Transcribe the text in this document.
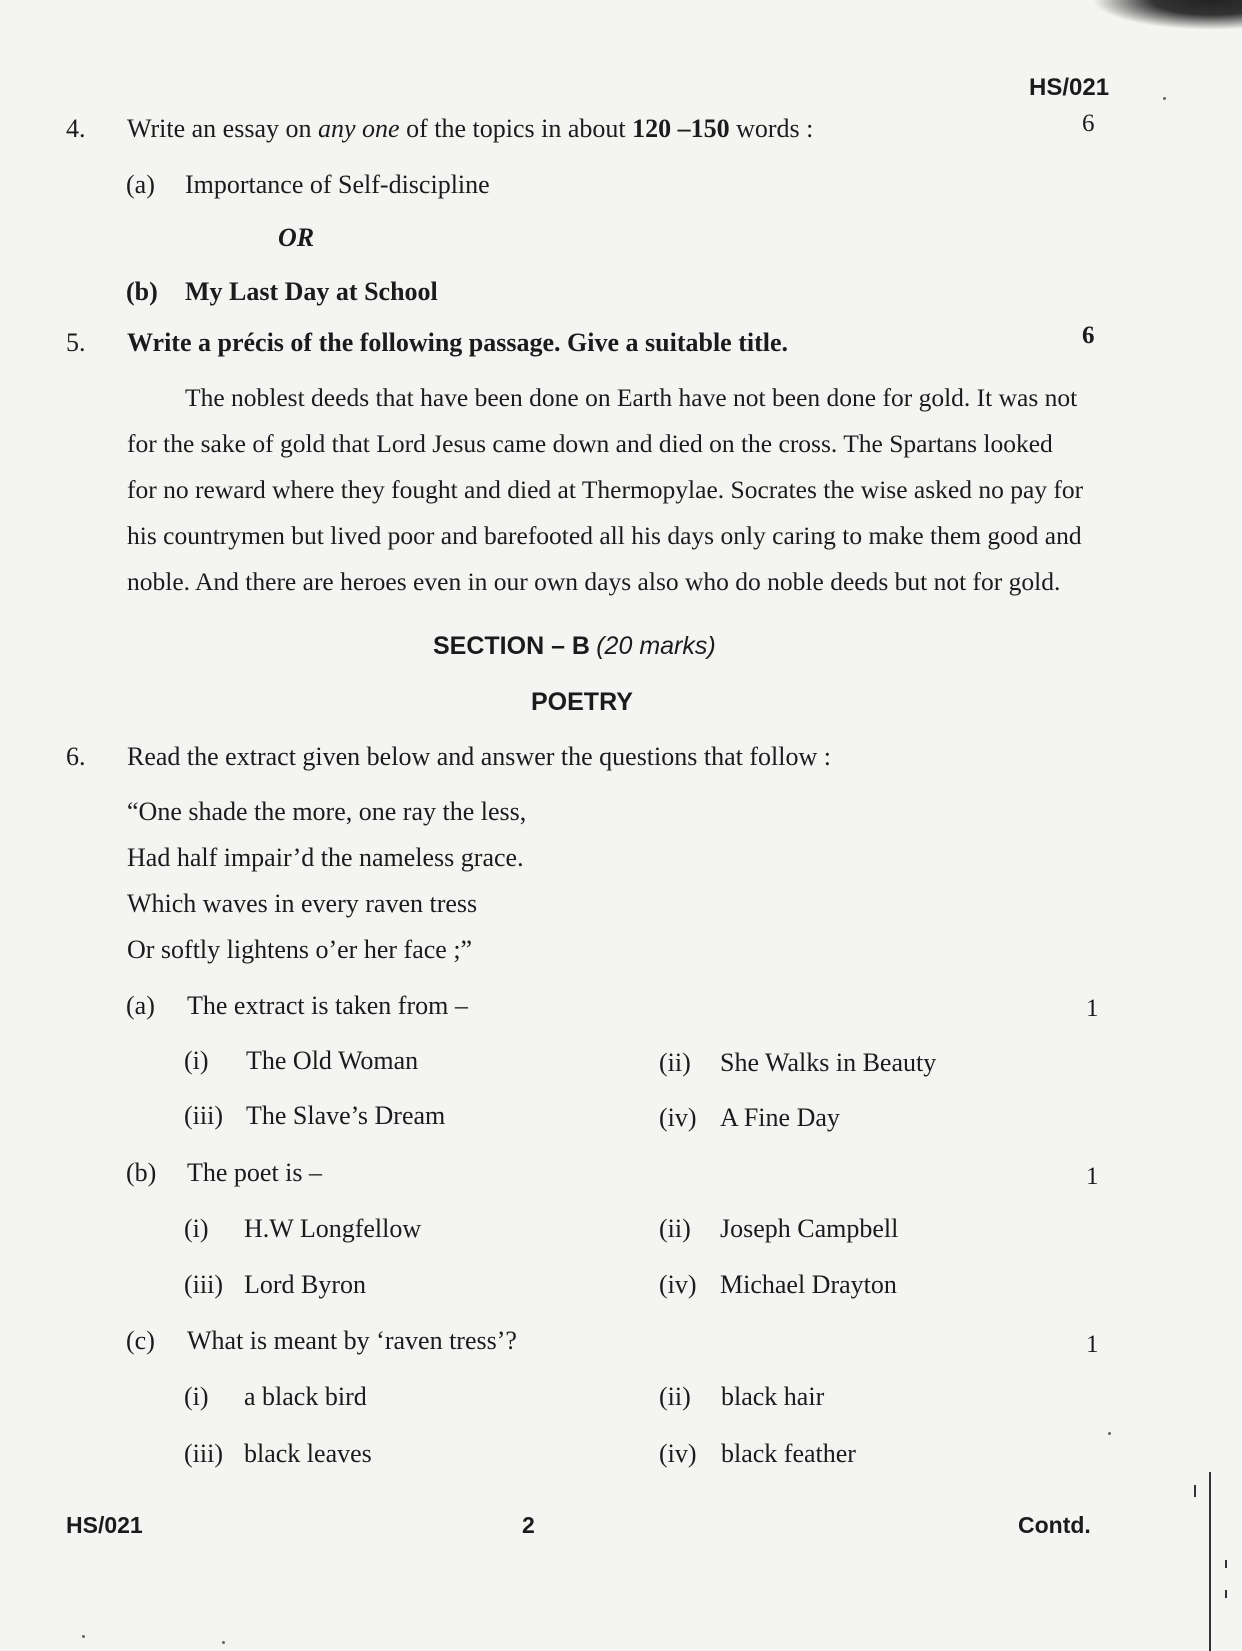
HS/021
4. Write an essay on any one of the topics in about 120 –150 words :	6
(a) Importance of Self-discipline
OR
(b) My Last Day at School
5. Write a précis of the following passage. Give a suitable title.	6
The noblest deeds that have been done on Earth have not been done for gold. It was not
for the sake of gold that Lord Jesus came down and died on the cross. The Spartans looked
for no reward where they fought and died at Thermopylae. Socrates the wise asked no pay for
his countrymen but lived poor and barefooted all his days only caring to make them good and
noble. And there are heroes even in our own days also who do noble deeds but not for gold.
SECTION – B (20 marks)
POETRY
6. Read the extract given below and answer the questions that follow :
“One shade the more, one ray the less,
Had half impair’d the nameless grace.
Which waves in every raven tress
Or softly lightens o’er her face ;”
(a) The extract is taken from –	1
(i) The Old Woman	(ii) She Walks in Beauty
(iii) The Slave’s Dream	(iv) A Fine Day
(b) The poet is –	1
(i) H.W Longfellow	(ii) Joseph Campbell
(iii) Lord Byron	(iv) Michael Drayton
(c) What is meant by ‘raven tress’?	1
(i) a black bird	(ii) black hair
(iii) black leaves	(iv) black feather
HS/021	2	Contd.
